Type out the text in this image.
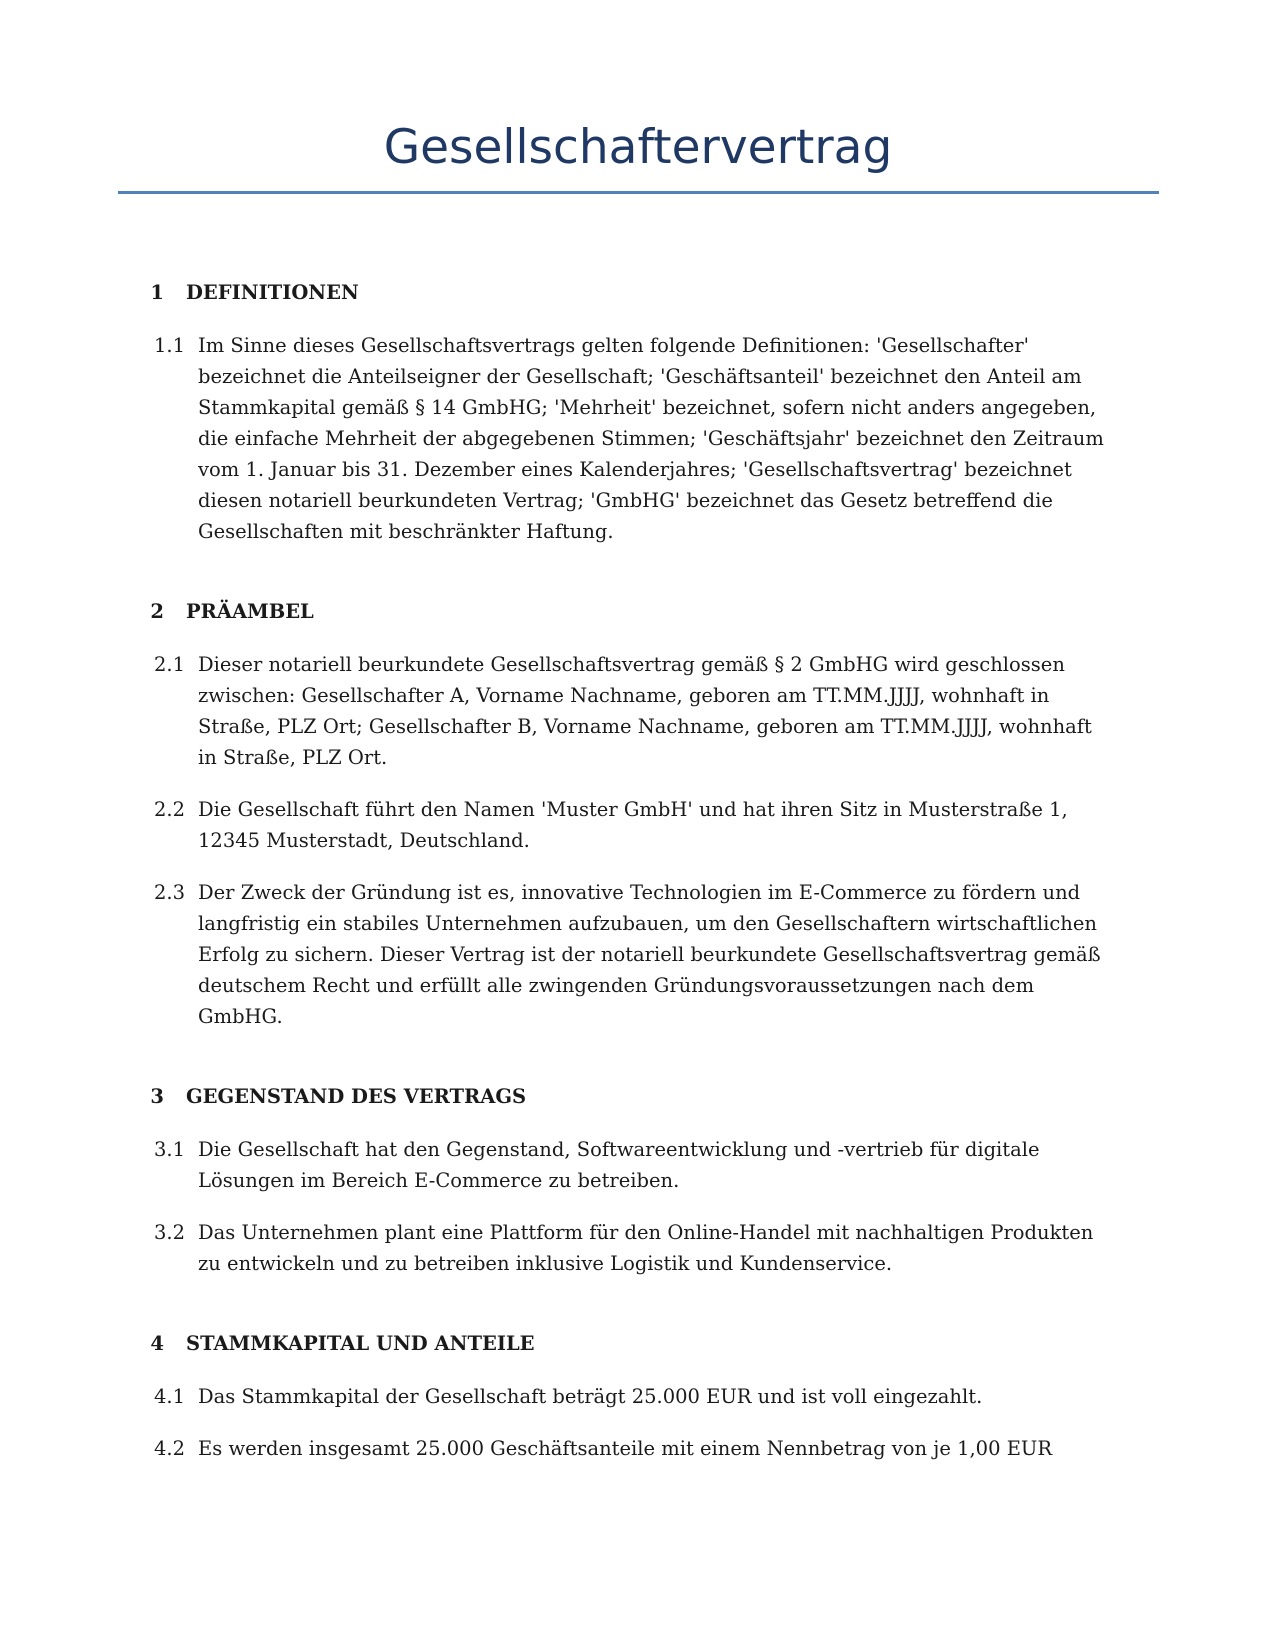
Gesellschaftervertrag
1	DEFINITIONEN
1.1 Im Sinne dieses Gesellschaftsvertrags gelten folgende Definitionen: 'Gesellschafter' bezeichnet die Anteilseigner der Gesellschaft; 'Geschäftsanteil' bezeichnet den Anteil am Stammkapital gemäß § 14 GmbHG; 'Mehrheit' bezeichnet, sofern nicht anders angegeben, die einfache Mehrheit der abgegebenen Stimmen; 'Geschäftsjahr' bezeichnet den Zeitraum vom 1. Januar bis 31. Dezember eines Kalenderjahres; 'Gesellschaftsvertrag' bezeichnet diesen notariell beurkundeten Vertrag; 'GmbHG' bezeichnet das Gesetz betreffend die Gesellschaften mit beschränkter Haftung.
2	PRÄAMBEL
2.1 Dieser notariell beurkundete Gesellschaftsvertrag gemäß § 2 GmbHG wird geschlossen zwischen: Gesellschafter A, Vorname Nachname, geboren am TT.MM.JJJJ, wohnhaft in Straße, PLZ Ort; Gesellschafter B, Vorname Nachname, geboren am TT.MM.JJJJ, wohnhaft in Straße, PLZ Ort.
2.2 Die Gesellschaft führt den Namen 'Muster GmbH' und hat ihren Sitz in Musterstraße 1, 12345 Musterstadt, Deutschland.
2.3 Der Zweck der Gründung ist es, innovative Technologien im E-Commerce zu fördern und langfristig ein stabiles Unternehmen aufzubauen, um den Gesellschaftern wirtschaftlichen Erfolg zu sichern. Dieser Vertrag ist der notariell beurkundete Gesellschaftsvertrag gemäß deutschem Recht und erfüllt alle zwingenden Gründungsvoraussetzungen nach dem GmbHG.
3	GEGENSTAND DES VERTRAGS
3.1 Die Gesellschaft hat den Gegenstand, Softwareentwicklung und -vertrieb für digitale Lösungen im Bereich E-Commerce zu betreiben.
3.2 Das Unternehmen plant eine Plattform für den Online-Handel mit nachhaltigen Produkten zu entwickeln und zu betreiben inklusive Logistik und Kundenservice.
4	STAMMKAPITAL UND ANTEILE
4.1 Das Stammkapital der Gesellschaft beträgt 25.000 EUR und ist voll eingezahlt.
4.2 Es werden insgesamt 25.000 Geschäftsanteile mit einem Nennbetrag von je 1,00 EUR
